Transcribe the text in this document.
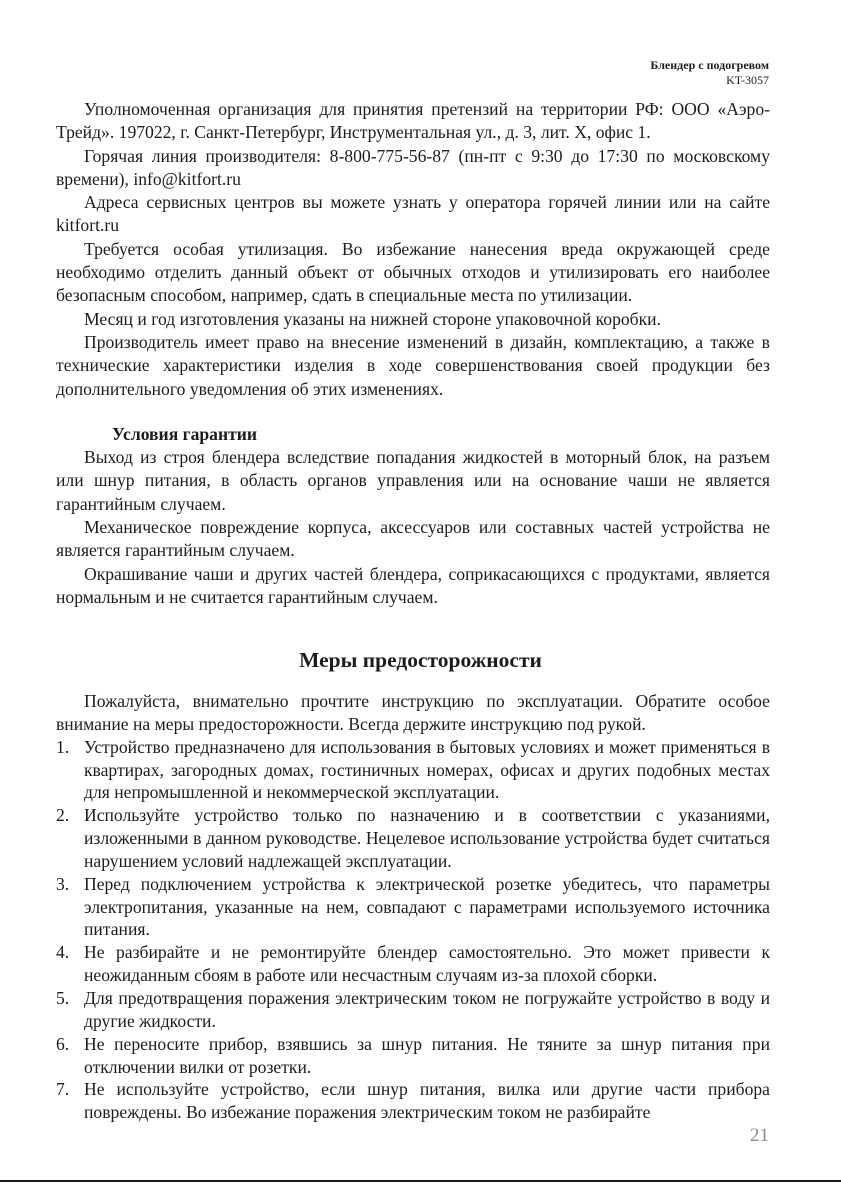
Блендер с подогревом
KT-3057

Уполномоченная организация для принятия претензий на территории РФ: ООО «Аэро-Трейд». 197022, г. Санкт-Петербург, Инструментальная ул., д. 3, лит. Х, офис 1.

Горячая линия производителя: 8-800-775-56-87 (пн-пт с 9:30 до 17:30 по московскому времени), info@kitfort.ru

Адреса сервисных центров вы можете узнать у оператора горячей линии или на сайте kitfort.ru

Требуется особая утилизация. Во избежание нанесения вреда окружающей среде необходимо отделить данный объект от обычных отходов и утилизировать его наиболее безопасным способом, например, сдать в специальные места по утилизации.

Месяц и год изготовления указаны на нижней стороне упаковочной коробки.

Производитель имеет право на внесение изменений в дизайн, комплектацию, а также в технические характеристики изделия в ходе совершенствования своей продукции без дополнительного уведомления об этих изменениях.

Условия гарантии

Выход из строя блендера вследствие попадания жидкостей в моторный блок, на разъем или шнур питания, в область органов управления или на основание чаши не является гарантийным случаем.

Механическое повреждение корпуса, аксессуаров или составных частей устройства не является гарантийным случаем.

Окрашивание чаши и других частей блендера, соприкасающихся с продуктами, является нормальным и не считается гарантийным случаем.

Меры предосторожности

Пожалуйста, внимательно прочтите инструкцию по эксплуатации. Обратите особое внимание на меры предосторожности. Всегда держите инструкцию под рукой.

1. Устройство предназначено для использования в бытовых условиях и может применяться в квартирах, загородных домах, гостиничных номерах, офисах и других подобных местах для непромышленной и некоммерческой эксплуатации.
2. Используйте устройство только по назначению и в соответствии с указаниями, изложенными в данном руководстве. Нецелевое использование устройства будет считаться нарушением условий надлежащей эксплуатации.
3. Перед подключением устройства к электрической розетке убедитесь, что параметры электропитания, указанные на нем, совпадают с параметрами используемого источника питания.
4. Не разбирайте и не ремонтируйте блендер самостоятельно. Это может привести к неожиданным сбоям в работе или несчастным случаям из-за плохой сборки.
5. Для предотвращения поражения электрическим током не погружайте устройство в воду и другие жидкости.
6. Не переносите прибор, взявшись за шнур питания. Не тяните за шнур питания при отключении вилки от розетки.
7. Не используйте устройство, если шнур питания, вилка или другие части прибора повреждены. Во избежание поражения электрическим током не разбирайте
21
